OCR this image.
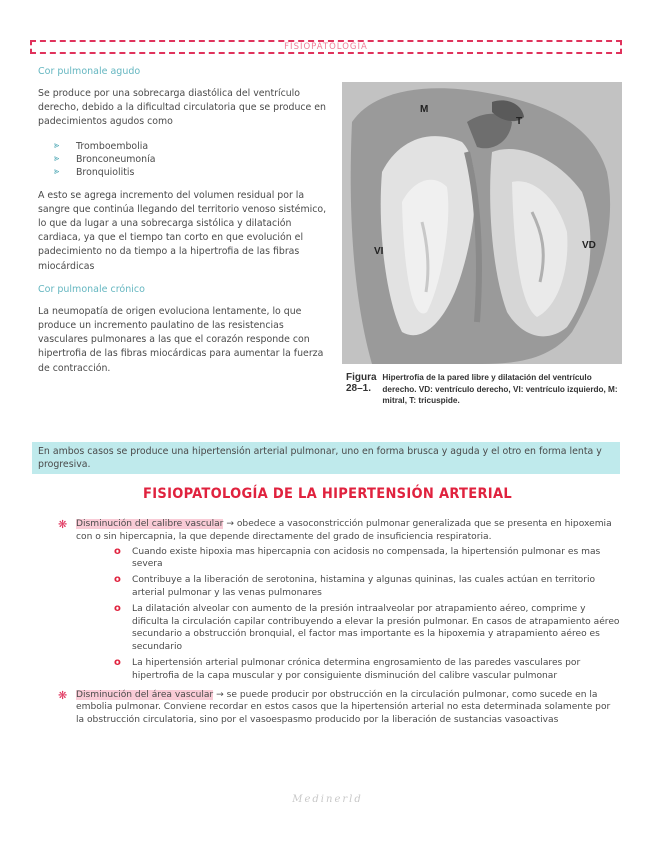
FISIOPATOLOGÍA

Cor pulmonale agudo

Se produce por una sobrecarga diastólica del ventrículo derecho, debido a la dificultad circulatoria que se produce en padecimientos agudos como

⪢	Tromboembolia
⪢	Bronconeumonía
⪢	Bronquiolitis

A esto se agrega incremento del volumen residual por la sangre que continúa llegando del territorio venoso sistémico, lo que da lugar a una sobrecarga sistólica y dilatación cardiaca, ya que el tiempo tan corto en que evolución el padecimiento no da tiempo a la hipertrofia de las fibras miocárdicas

Cor pulmonale crónico

La neumopatía de origen evoluciona lentamente, lo que produce un incremento paulatino de las resistencias vasculares pulmonares a las que el corazón responde con hipertrofia de las fibras miocárdicas para aumentar la fuerza de contracción.

M
T
VI
VD
Figura 28–1.
Hipertrofia de la pared libre y dilatación del ventrículo derecho. VD: ventrículo derecho, VI: ventrículo izquierdo, M: mitral, T: tricuspide.
En ambos casos se produce una hipertensión arterial pulmonar, uno en forma brusca y aguda y el otro en forma lenta y progresiva.
FISIOPATOLOGÍA DE LA HIPERTENSIÓN ARTERIAL
❋ Disminución del calibre vascular → obedece a vasoconstricción pulmonar generalizada que se presenta en hipoxemia con o sin hipercapnia, la que depende directamente del grado de insuficiencia respiratoria.
o	Cuando existe hipoxia mas hipercapnia con acidosis no compensada, la hipertensión pulmonar es mas severa
o	Contribuye a la liberación de serotonina, histamina y algunas quininas, las cuales actúan en territorio arterial pulmonar y las venas pulmonares
o	La dilatación alveolar con aumento de la presión intraalveolar por atrapamiento aéreo, comprime y dificulta la circulación capilar contribuyendo a elevar la presión pulmonar. En casos de atrapamiento aéreo secundario a obstrucción bronquial, el factor mas importante es la hipoxemia y atrapamiento aéreo es secundario
o	La hipertensión arterial pulmonar crónica determina engrosamiento de las paredes vasculares por hipertrofia de la capa muscular y por consiguiente disminución del calibre vascular pulmonar
❋ Disminución del área vascular → se puede producir por obstrucción en la circulación pulmonar, como sucede en la embolia pulmonar. Conviene recordar en estos casos que la hipertensión arterial no esta determinada solamente por la obstrucción circulatoria, sino por el vasoespasmo producido por la liberación de sustancias vasoactivas
Medinerld
